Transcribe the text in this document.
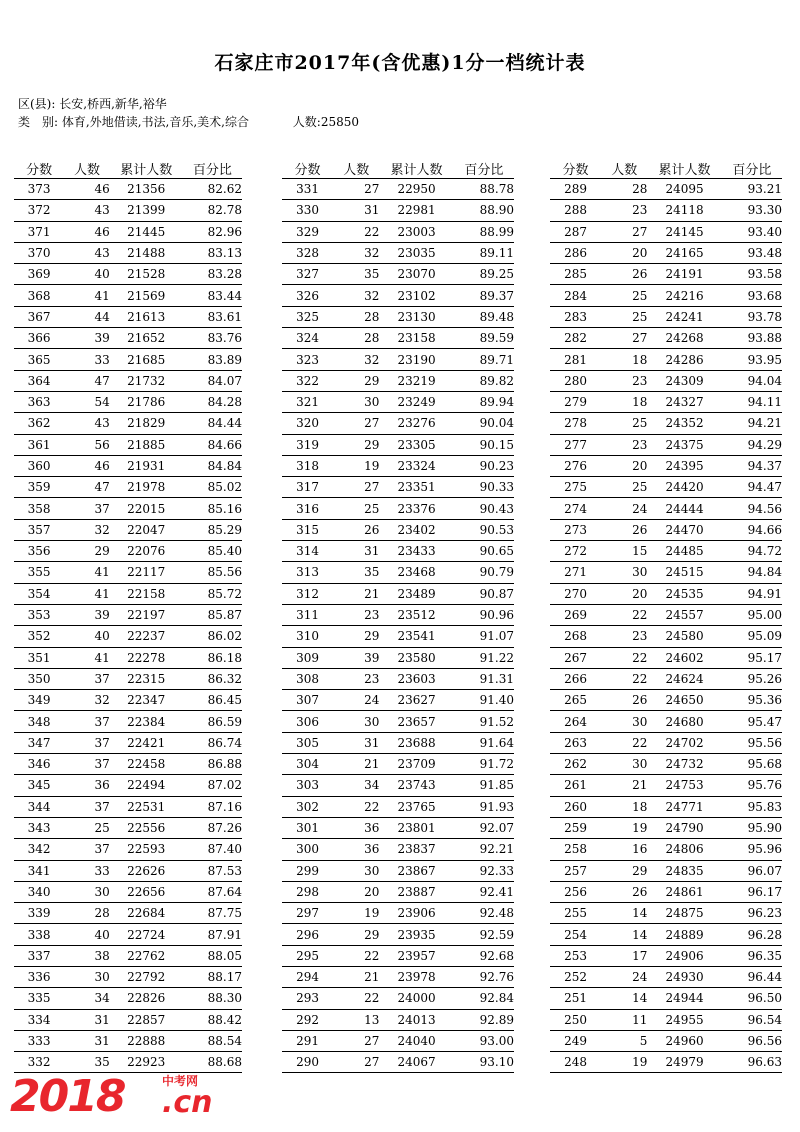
石家庄市2017年(含优惠)1分一档统计表
区(县): 长安,桥西,新华,裕华
类　别: 体育,外地借读,书法,音乐,美术,综合	人数:25850
分数	人数	累计人数	百分比
373	46	21356	82.62
372	43	21399	82.78
371	46	21445	82.96
370	43	21488	83.13
369	40	21528	83.28
368	41	21569	83.44
367	44	21613	83.61
366	39	21652	83.76
365	33	21685	83.89
364	47	21732	84.07
363	54	21786	84.28
362	43	21829	84.44
361	56	21885	84.66
360	46	21931	84.84
359	47	21978	85.02
358	37	22015	85.16
357	32	22047	85.29
356	29	22076	85.40
355	41	22117	85.56
354	41	22158	85.72
353	39	22197	85.87
352	40	22237	86.02
351	41	22278	86.18
350	37	22315	86.32
349	32	22347	86.45
348	37	22384	86.59
347	37	22421	86.74
346	37	22458	86.88
345	36	22494	87.02
344	37	22531	87.16
343	25	22556	87.26
342	37	22593	87.40
341	33	22626	87.53
340	30	22656	87.64
339	28	22684	87.75
338	40	22724	87.91
337	38	22762	88.05
336	30	22792	88.17
335	34	22826	88.30
334	31	22857	88.42
333	31	22888	88.54
332	35	22923	88.68
分数	人数	累计人数	百分比
331	27	22950	88.78
330	31	22981	88.90
329	22	23003	88.99
328	32	23035	89.11
327	35	23070	89.25
326	32	23102	89.37
325	28	23130	89.48
324	28	23158	89.59
323	32	23190	89.71
322	29	23219	89.82
321	30	23249	89.94
320	27	23276	90.04
319	29	23305	90.15
318	19	23324	90.23
317	27	23351	90.33
316	25	23376	90.43
315	26	23402	90.53
314	31	23433	90.65
313	35	23468	90.79
312	21	23489	90.87
311	23	23512	90.96
310	29	23541	91.07
309	39	23580	91.22
308	23	23603	91.31
307	24	23627	91.40
306	30	23657	91.52
305	31	23688	91.64
304	21	23709	91.72
303	34	23743	91.85
302	22	23765	91.93
301	36	23801	92.07
300	36	23837	92.21
299	30	23867	92.33
298	20	23887	92.41
297	19	23906	92.48
296	29	23935	92.59
295	22	23957	92.68
294	21	23978	92.76
293	22	24000	92.84
292	13	24013	92.89
291	27	24040	93.00
290	27	24067	93.10
分数	人数	累计人数	百分比
289	28	24095	93.21
288	23	24118	93.30
287	27	24145	93.40
286	20	24165	93.48
285	26	24191	93.58
284	25	24216	93.68
283	25	24241	93.78
282	27	24268	93.88
281	18	24286	93.95
280	23	24309	94.04
279	18	24327	94.11
278	25	24352	94.21
277	23	24375	94.29
276	20	24395	94.37
275	25	24420	94.47
274	24	24444	94.56
273	26	24470	94.66
272	15	24485	94.72
271	30	24515	94.84
270	20	24535	94.91
269	22	24557	95.00
268	23	24580	95.09
267	22	24602	95.17
266	22	24624	95.26
265	26	24650	95.36
264	30	24680	95.47
263	22	24702	95.56
262	30	24732	95.68
261	21	24753	95.76
260	18	24771	95.83
259	19	24790	95.90
258	16	24806	95.96
257	29	24835	96.07
256	26	24861	96.17
255	14	24875	96.23
254	14	24889	96.28
253	17	24906	96.35
252	24	24930	96.44
251	14	24944	96.50
250	11	24955	96.54
249	5	24960	96.56
248	19	24979	96.63
2018	中考网
.cn
